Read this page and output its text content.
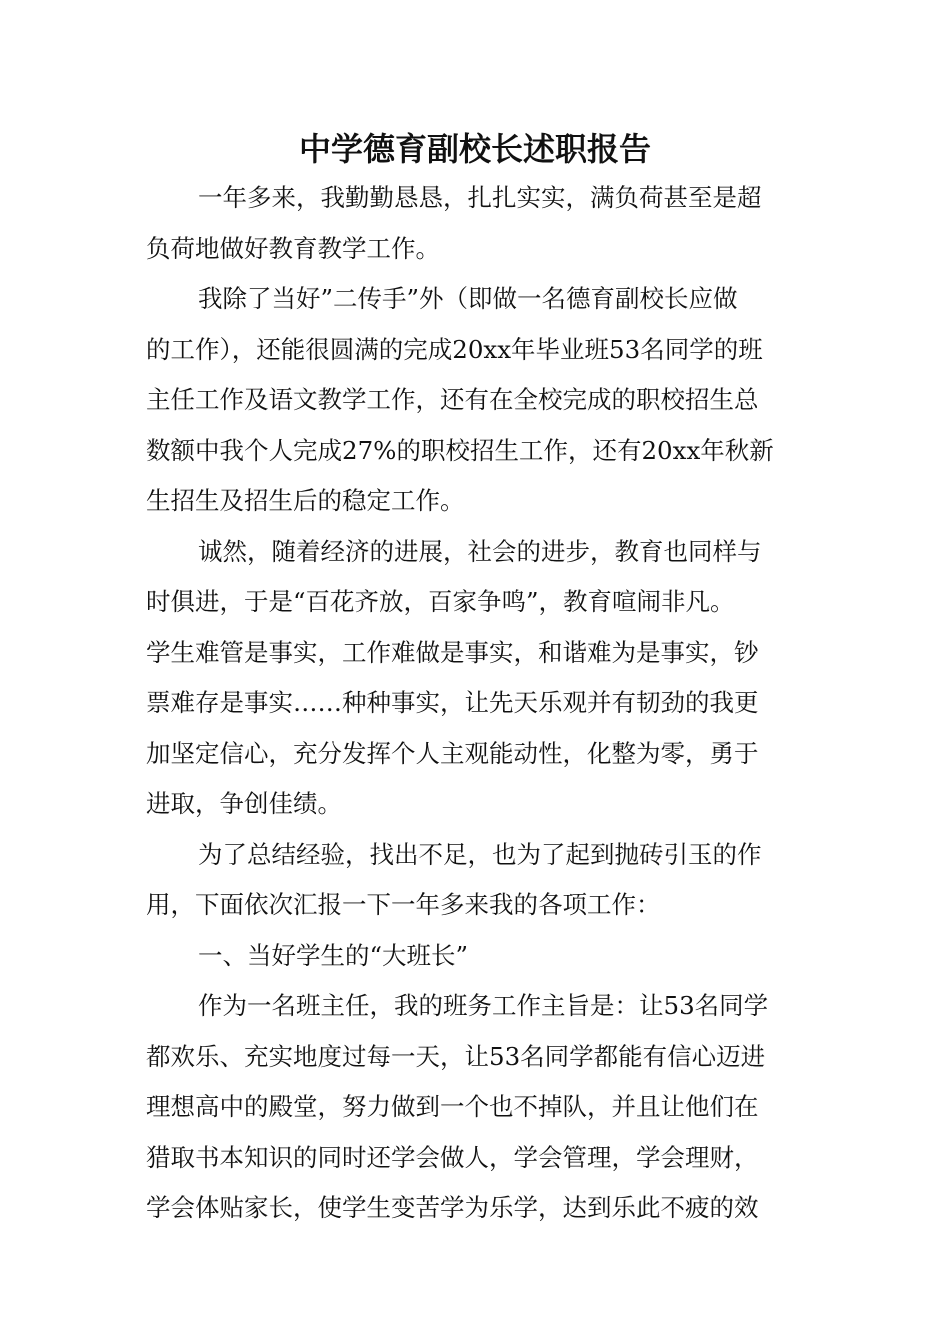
中学德育副校长述职报告

一年多来，我勤勤恳恳，扎扎实实，满负荷甚至是超
负荷地做好教育教学工作。

我除了当好”二传手”外（即做一名德育副校长应做
的工作），还能很圆满的完成20xx年毕业班53名同学的班
主任工作及语文教学工作，还有在全校完成的职校招生总
数额中我个人完成27%的职校招生工作，还有20xx年秋新
生招生及招生后的稳定工作。

诚然，随着经济的进展，社会的进步，教育也同样与
时俱进，于是“百花齐放，百家争鸣”，教育喧闹非凡。
学生难管是事实，工作难做是事实，和谐难为是事实，钞
票难存是事实……种种事实，让先天乐观并有韧劲的我更
加坚定信心，充分发挥个人主观能动性，化整为零，勇于
进取，争创佳绩。

为了总结经验，找出不足，也为了起到抛砖引玉的作
用，下面依次汇报一下一年多来我的各项工作：

一、当好学生的“大班长”

作为一名班主任，我的班务工作主旨是：让53名同学
都欢乐、充实地度过每一天，让53名同学都能有信心迈进
理想高中的殿堂，努力做到一个也不掉队，并且让他们在
猎取书本知识的同时还学会做人，学会管理，学会理财，
学会体贴家长，使学生变苦学为乐学，达到乐此不疲的效
